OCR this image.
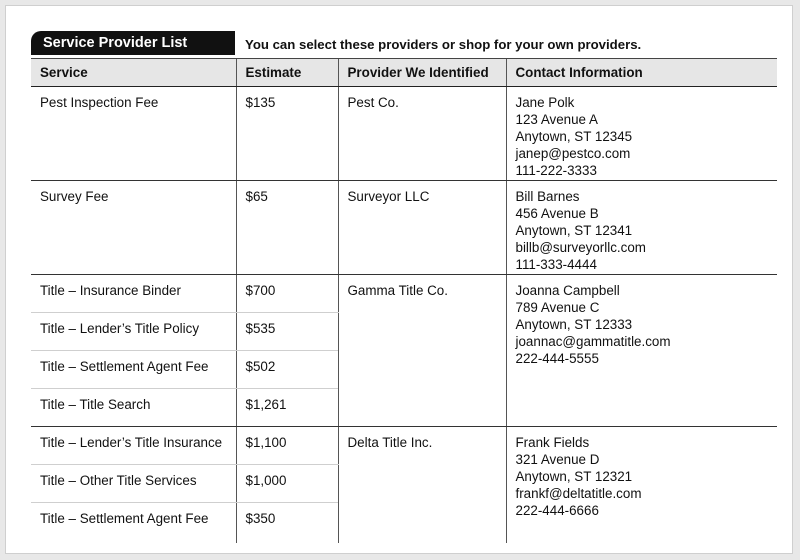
Service Provider List	You can select these providers or shop for your own providers.
Service	Estimate	Provider We Identified	Contact Information
Pest Inspection Fee	$135	Pest Co.	Jane Polk
123 Avenue A
Anytown, ST 12345
janep@pestco.com
111-222-3333

Survey Fee	$65	Surveyor LLC	Bill Barnes
456 Avenue B
Anytown, ST 12341
billb@surveyorllc.com
111-333-4444

Title – Insurance Binder	$700	Gamma Title Co.	Joanna Campbell
789 Avenue C
Anytown, ST 12333
joannac@gammatitle.com
222-444-5555

Title – Lender’s Title Policy	$535		
Title – Settlement Agent Fee	$502		
Title – Title Search	$1,261		
Title – Lender’s Title Insurance	$1,100	Delta Title Inc.	Frank Fields
321 Avenue D
Anytown, ST 12321
frankf@deltatitle.com
222-444-6666

Title – Other Title Services	$1,000		
Title – Settlement Agent Fee	$350		
